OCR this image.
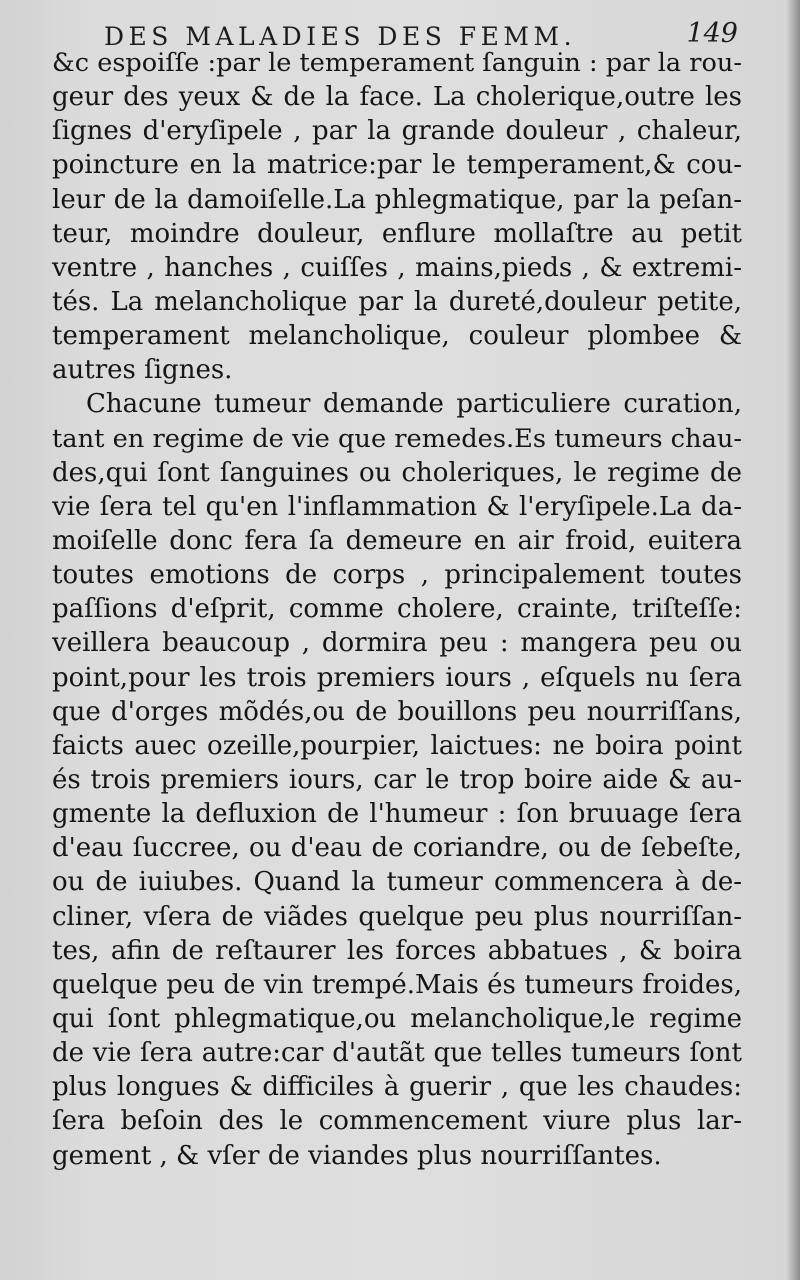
DES MALADIES DES FEMM.	149
&c espoiſſe :par le temperament ſanguin : par la rou-
geur des yeux & de la face. La cholerique,outre les
ſignes d'eryſipele , par la grande douleur , chaleur,
poincture en la matrice:par le temperament,& cou-
leur de la damoiſelle.La phlegmatique, par la peſan-
teur, moindre douleur, enflure mollaſtre au petit
ventre , hanches , cuiſſes , mains,pieds , & extremi-
tés. La melancholique par la dureté,douleur petite,
temperament melancholique, couleur plombee &
autres ſignes.
Chacune tumeur demande particuliere curation,
tant en regime de vie que remedes.Es tumeurs chau-
des,qui ſont ſanguines ou choleriques, le regime de
vie ſera tel qu'en l'inflammation & l'eryſipele.La da-
moiſelle donc fera ſa demeure en air froid, euitera
toutes emotions de corps , principalement toutes
paſſions d'eſprit, comme cholere, crainte, triſteſſe:
veillera beaucoup , dormira peu : mangera peu ou
point,pour les trois premiers iours , eſquels nu ſera
que d'orges mõdés,ou de bouillons peu nourriſſans,
faicts auec ozeille,pourpier, laictues: ne boira point
és trois premiers iours, car le trop boire aide & au-
gmente la defluxion de l'humeur : ſon bruuage ſera
d'eau ſuccree, ou d'eau de coriandre, ou de ſebeſte,
ou de iuiubes. Quand la tumeur commencera à de-
cliner, vſera de viãdes quelque peu plus nourriſſan-
tes, afin de reſtaurer les forces abbatues , & boira
quelque peu de vin trempé.Mais és tumeurs froides,
qui ſont phlegmatique,ou melancholique,le regime
de vie ſera autre:car d'autãt que telles tumeurs ſont
plus longues & difficiles à guerir , que les chaudes:
ſera beſoin des le commencement viure plus lar-
gement , & vſer de viandes plus nourriſſantes.
